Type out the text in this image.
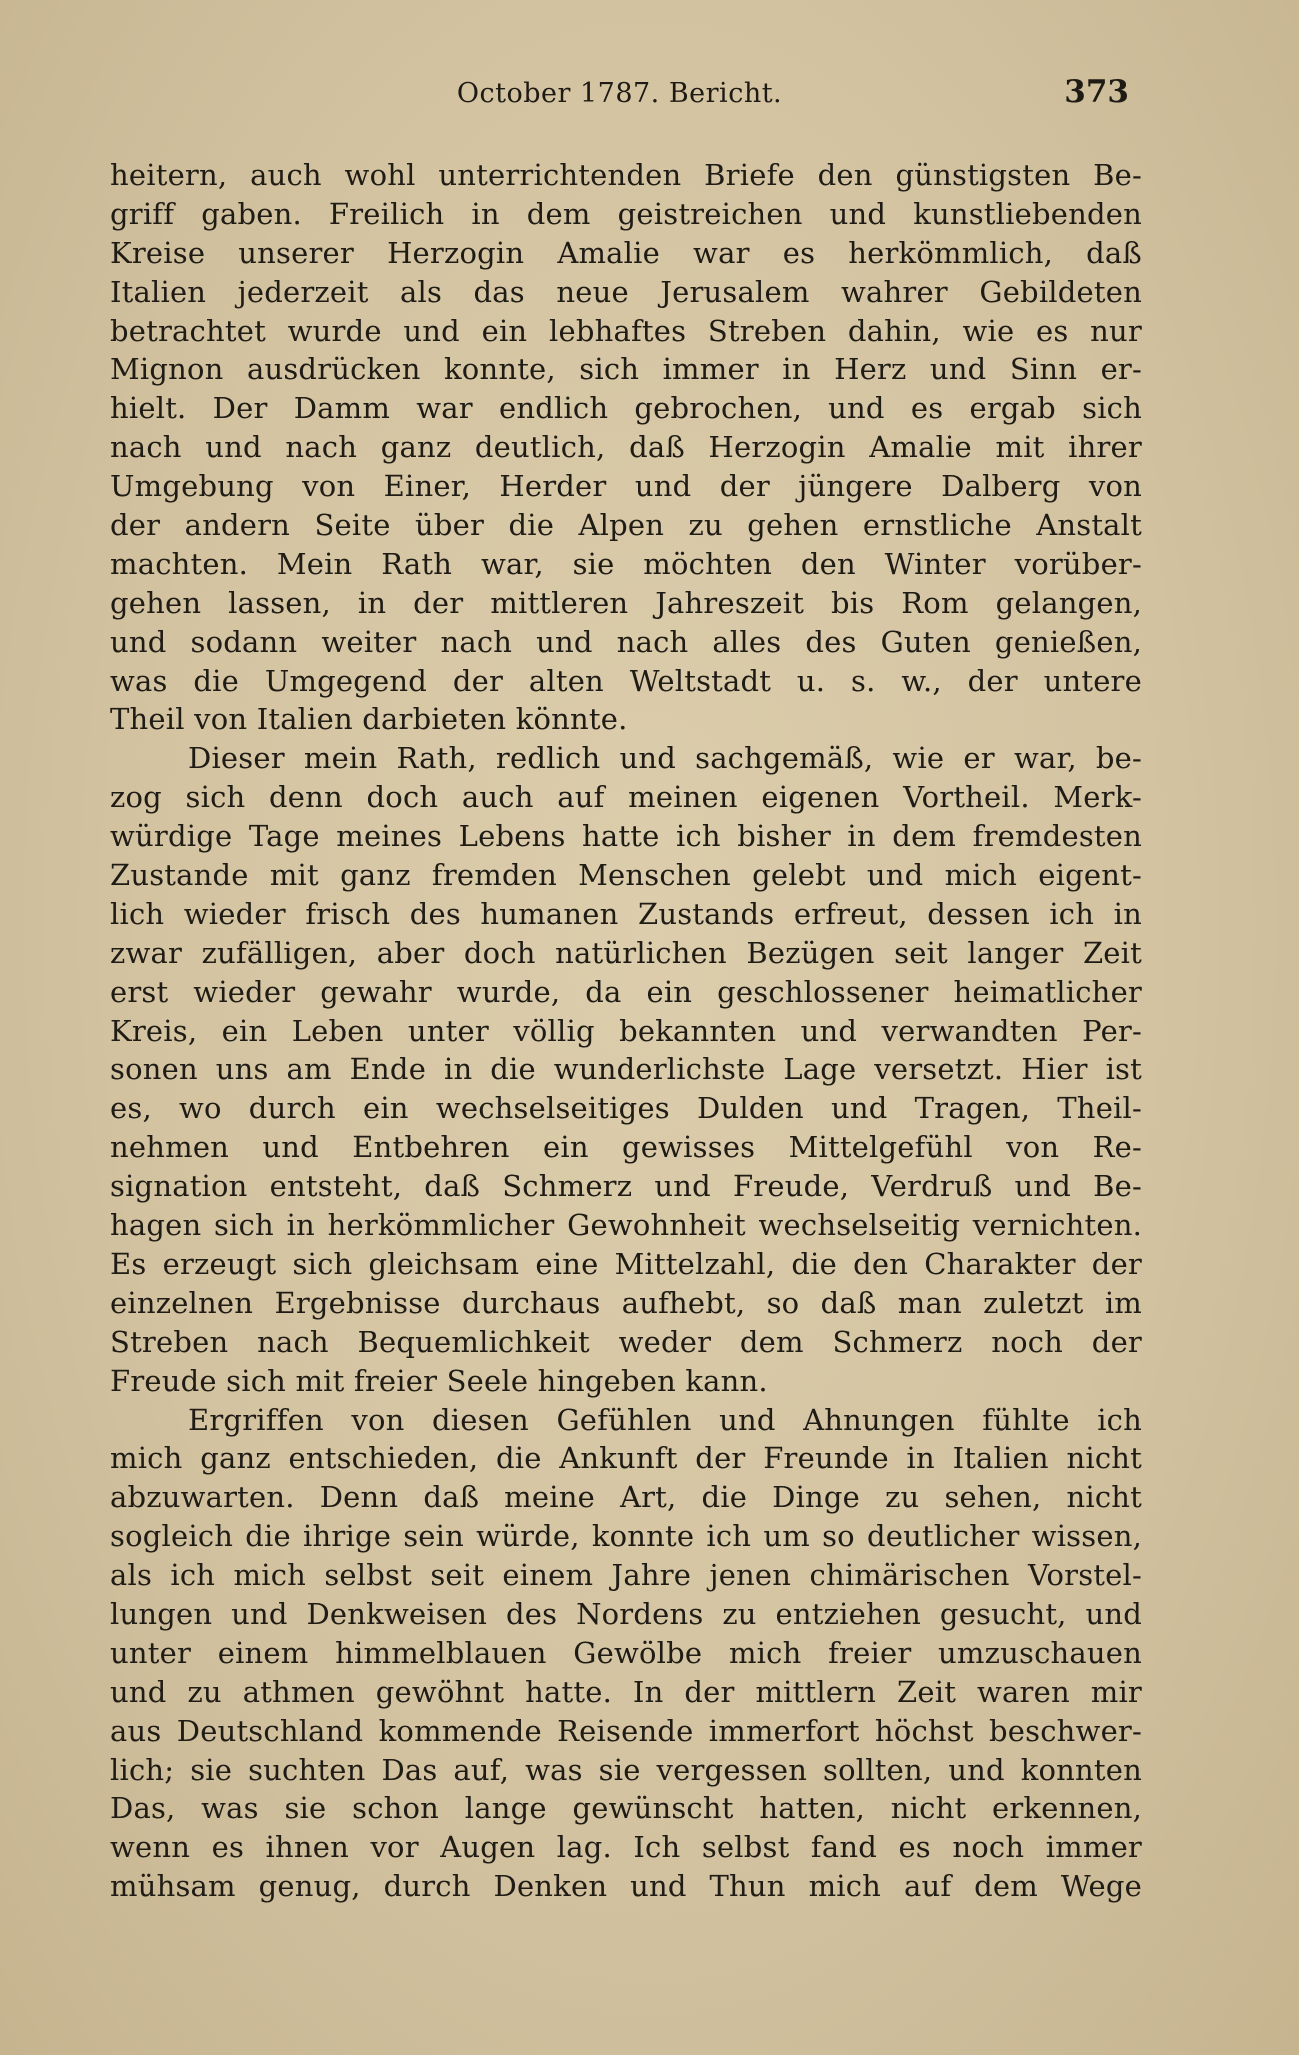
October 1787. Bericht.	373
heitern, auch wohl unterrichtenden Briefe den günstigsten Be-
griff gaben. Freilich in dem geistreichen und kunstliebenden
Kreise unserer Herzogin Amalie war es herkömmlich, daß
Italien jederzeit als das neue Jerusalem wahrer Gebildeten
betrachtet wurde und ein lebhaftes Streben dahin, wie es nur
Mignon ausdrücken konnte, sich immer in Herz und Sinn er-
hielt. Der Damm war endlich gebrochen, und es ergab sich
nach und nach ganz deutlich, daß Herzogin Amalie mit ihrer
Umgebung von Einer, Herder und der jüngere Dalberg von
der andern Seite über die Alpen zu gehen ernstliche Anstalt
machten. Mein Rath war, sie möchten den Winter vorüber-
gehen lassen, in der mittleren Jahreszeit bis Rom gelangen,
und sodann weiter nach und nach alles des Guten genießen,
was die Umgegend der alten Weltstadt u. s. w., der untere
Theil von Italien darbieten könnte.
Dieser mein Rath, redlich und sachgemäß, wie er war, be-
zog sich denn doch auch auf meinen eigenen Vortheil. Merk-
würdige Tage meines Lebens hatte ich bisher in dem fremdesten
Zustande mit ganz fremden Menschen gelebt und mich eigent-
lich wieder frisch des humanen Zustands erfreut, dessen ich in
zwar zufälligen, aber doch natürlichen Bezügen seit langer Zeit
erst wieder gewahr wurde, da ein geschlossener heimatlicher
Kreis, ein Leben unter völlig bekannten und verwandten Per-
sonen uns am Ende in die wunderlichste Lage versetzt. Hier ist
es, wo durch ein wechselseitiges Dulden und Tragen, Theil-
nehmen und Entbehren ein gewisses Mittelgefühl von Re-
signation entsteht, daß Schmerz und Freude, Verdruß und Be-
hagen sich in herkömmlicher Gewohnheit wechselseitig vernichten.
Es erzeugt sich gleichsam eine Mittelzahl, die den Charakter der
einzelnen Ergebnisse durchaus aufhebt, so daß man zuletzt im
Streben nach Bequemlichkeit weder dem Schmerz noch der
Freude sich mit freier Seele hingeben kann.
Ergriffen von diesen Gefühlen und Ahnungen fühlte ich
mich ganz entschieden, die Ankunft der Freunde in Italien nicht
abzuwarten. Denn daß meine Art, die Dinge zu sehen, nicht
sogleich die ihrige sein würde, konnte ich um so deutlicher wissen,
als ich mich selbst seit einem Jahre jenen chimärischen Vorstel-
lungen und Denkweisen des Nordens zu entziehen gesucht, und
unter einem himmelblauen Gewölbe mich freier umzuschauen
und zu athmen gewöhnt hatte. In der mittlern Zeit waren mir
aus Deutschland kommende Reisende immerfort höchst beschwer-
lich; sie suchten Das auf, was sie vergessen sollten, und konnten
Das, was sie schon lange gewünscht hatten, nicht erkennen,
wenn es ihnen vor Augen lag. Ich selbst fand es noch immer
mühsam genug, durch Denken und Thun mich auf dem Wege
